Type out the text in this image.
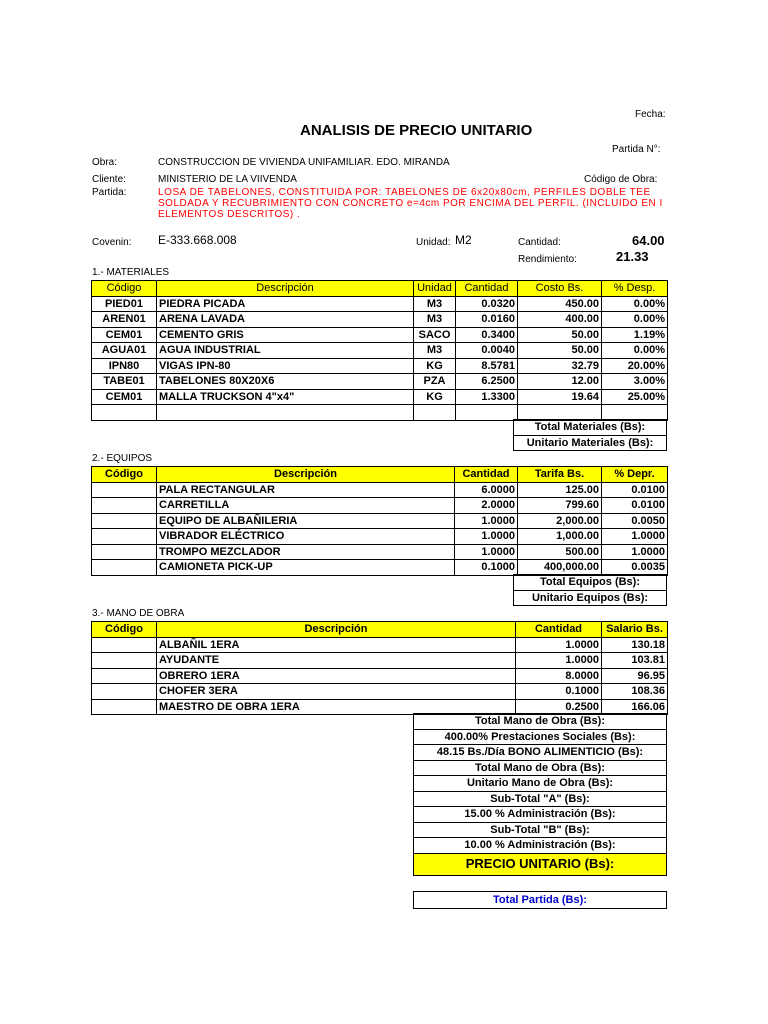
Fecha:
ANALISIS DE PRECIO UNITARIO
Partida N°:
Obra:	CONSTRUCCION DE VIVIENDA UNIFAMILIAR. EDO. MIRANDA
Cliente:	MINISTERIO DE LA VIIVENDA	Código de Obra:
Partida:	LOSA DE TABELONES, CONSTITUIDA POR: TABELONES DE 6x20x80cm, PERFILES DOBLE TEE
SOLDADA Y RECUBRIMIENTO CON CONCRETO e=4cm POR ENCIMA DEL PERFIL. (INCLUIDO EN I
ELEMENTOS DESCRITOS) .
Covenin: E-333.668.008	Unidad: M2	Cantidad:	64.00
Rendimiento:	21.33
1.- MATERIALES
Código	Descripción	Unidad	Cantidad	Costo Bs.	% Desp.
PIED01	PIEDRA PICADA	M3	0.0320	450.00	0.00%
AREN01	ARENA LAVADA	M3	0.0160	400.00	0.00%
CEM01	CEMENTO GRIS	SACO	0.3400	50.00	1.19%
AGUA01	AGUA INDUSTRIAL	M3	0.0040	50.00	0.00%
IPN80	VIGAS IPN-80	KG	8.5781	32.79	20.00%
TABE01	TABELONES 80X20X6	PZA	6.2500	12.00	3.00%
CEM01	MALLA TRUCKSON 4"x4"	KG	1.3300	19.64	25.00%

Total Materiales (Bs):
Unitario Materiales (Bs):
2.- EQUIPOS
Código	Descripción	Cantidad	Tarifa Bs.	% Depr.
	PALA RECTANGULAR	6.0000	125.00	0.0100
	CARRETILLA	2.0000	799.60	0.0100
	EQUIPO DE ALBAÑILERIA	1.0000	2,000.00	0.0050
	VIBRADOR ELÉCTRICO	1.0000	1,000.00	1.0000
	TROMPO MEZCLADOR	1.0000	500.00	1.0000
	CAMIONETA PICK-UP	0.1000	400,000.00	0.0035
Total Equipos (Bs):
Unitario Equipos (Bs):
3.- MANO DE OBRA
Código	Descripción	Cantidad	Salario Bs.
	ALBAÑIL 1ERA	1.0000	130.18
	AYUDANTE	1.0000	103.81
	OBRERO 1ERA	8.0000	96.95
	CHOFER 3ERA	0.1000	108.36
	MAESTRO DE OBRA 1ERA	0.2500	166.06
Total Mano de Obra (Bs):
400.00% Prestaciones Sociales (Bs):
48.15 Bs./Día BONO ALIMENTICIO (Bs):
Total Mano de Obra (Bs):
Unitario Mano de Obra (Bs):
Sub-Total "A" (Bs):
15.00 % Administración (Bs):
Sub-Total "B" (Bs):
10.00 % Administración (Bs):
PRECIO UNITARIO (Bs):
Total Partida (Bs):
